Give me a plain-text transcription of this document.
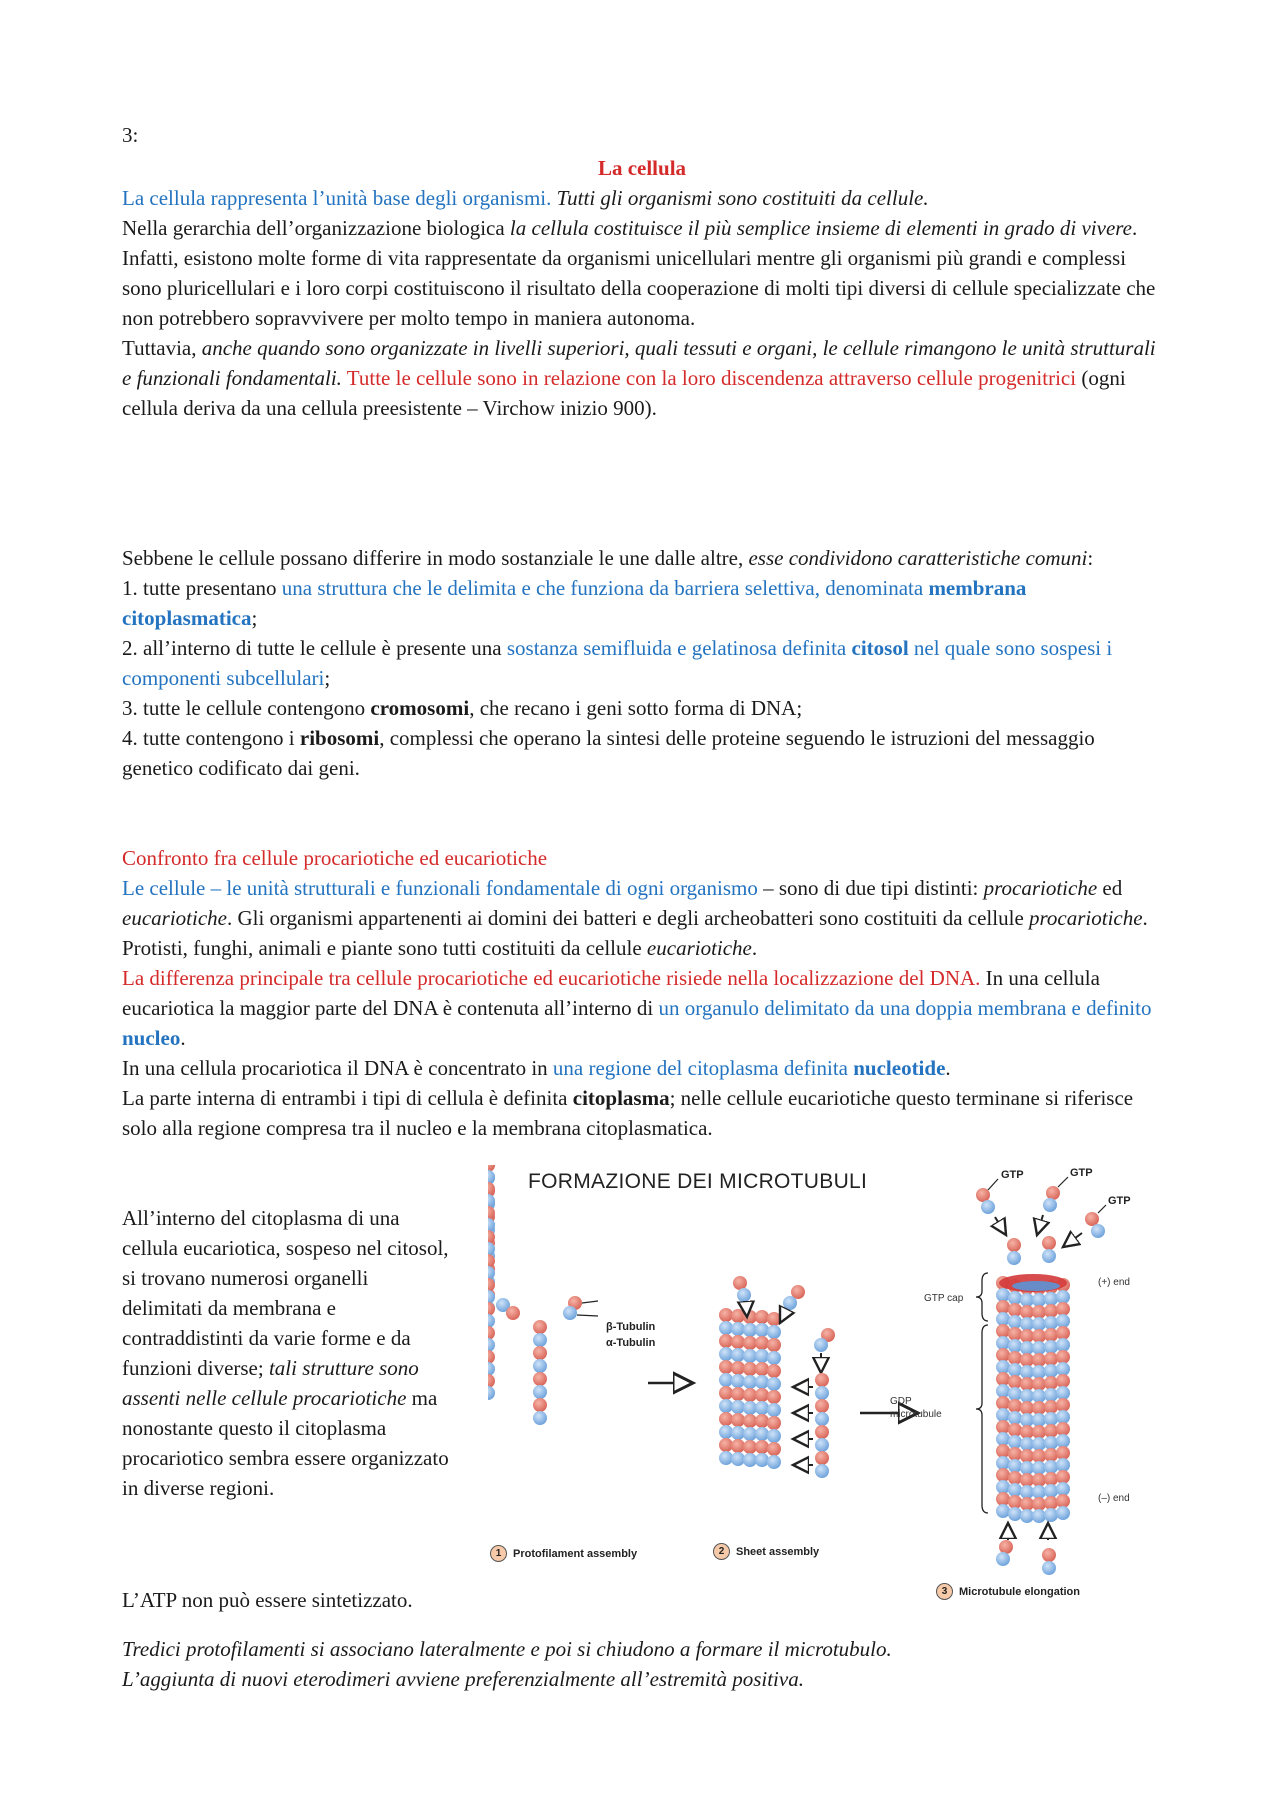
3:
La cellula

La cellula rappresenta l’unità base degli organismi. Tutti gli organismi sono costituiti da cellule.
Nella gerarchia dell’organizzazione biologica la cellula costituisce il più semplice insieme di elementi in grado di vivere.
Infatti, esistono molte forme di vita rappresentate da organismi unicellulari mentre gli organismi più grandi e complessi sono pluricellulari e i loro corpi costituiscono il risultato della cooperazione di molti tipi diversi di cellule specializzate che non potrebbero sopravvivere per molto tempo in maniera autonoma.
Tuttavia, anche quando sono organizzate in livelli superiori, quali tessuti e organi, le cellule rimangono le unità strutturali e funzionali fondamentali. Tutte le cellule sono in relazione con la loro discendenza attraverso cellule progenitrici (ogni cellula deriva da una cellula preesistente – Virchow inizio 900).

Sebbene le cellule possano differire in modo sostanziale le une dalle altre, esse condividono caratteristiche comuni:
1. tutte presentano una struttura che le delimita e che funziona da barriera selettiva, denominata membrana citoplasmatica;
2. all’interno di tutte le cellule è presente una sostanza semifluida e gelatinosa definita citosol nel quale sono sospesi i componenti subcellulari;
3. tutte le cellule contengono cromosomi, che recano i geni sotto forma di DNA;
4. tutte contengono i ribosomi, complessi che operano la sintesi delle proteine seguendo le istruzioni del messaggio genetico codificato dai geni.

Confronto fra cellule procariotiche ed eucariotiche
Le cellule – le unità strutturali e funzionali fondamentale di ogni organismo – sono di due tipi distinti: procariotiche ed eucariotiche. Gli organismi appartenenti ai domini dei batteri e degli archeobatteri sono costituiti da cellule procariotiche. Protisti, funghi, animali e piante sono tutti costituiti da cellule eucariotiche.
La differenza principale tra cellule procariotiche ed eucariotiche risiede nella localizzazione del DNA. In una cellula eucariotica la maggior parte del DNA è contenuta all’interno di un organulo delimitato da una doppia membrana e definito nucleo.
In una cellula procariotica il DNA è concentrato in una regione del citoplasma definita nucleotide.
La parte interna di entrambi i tipi di cellula è definita citoplasma; nelle cellule eucariotiche questo terminane si riferisce solo alla regione compresa tra il nucleo e la membrana citoplasmatica.

All’interno del citoplasma di una cellula eucariotica, sospeso nel citosol, si trovano numerosi organelli delimitati da membrana e contraddistinti da varie forme e da funzioni diverse; tali strutture sono assenti nelle cellule procariotiche ma nonostante questo il citoplasma procariotico sembra essere organizzato in diverse regioni.

L’ATP non può essere sintetizzato.

Tredici protofilamenti si associano lateralmente e poi si chiudono a formare il microtubulo.
L’aggiunta di nuovi eterodimeri avviene preferenzialmente all’estremità positiva.

FORMAZIONE DEI MICROTUBULI
β-Tubulin
α-Tubulin
GTP	GTP
GTP
(+) end
(–) end
GTP cap
GDP
microtubule
1	Protofilament assembly	2	Sheet assembly
3	Microtubule elongation
